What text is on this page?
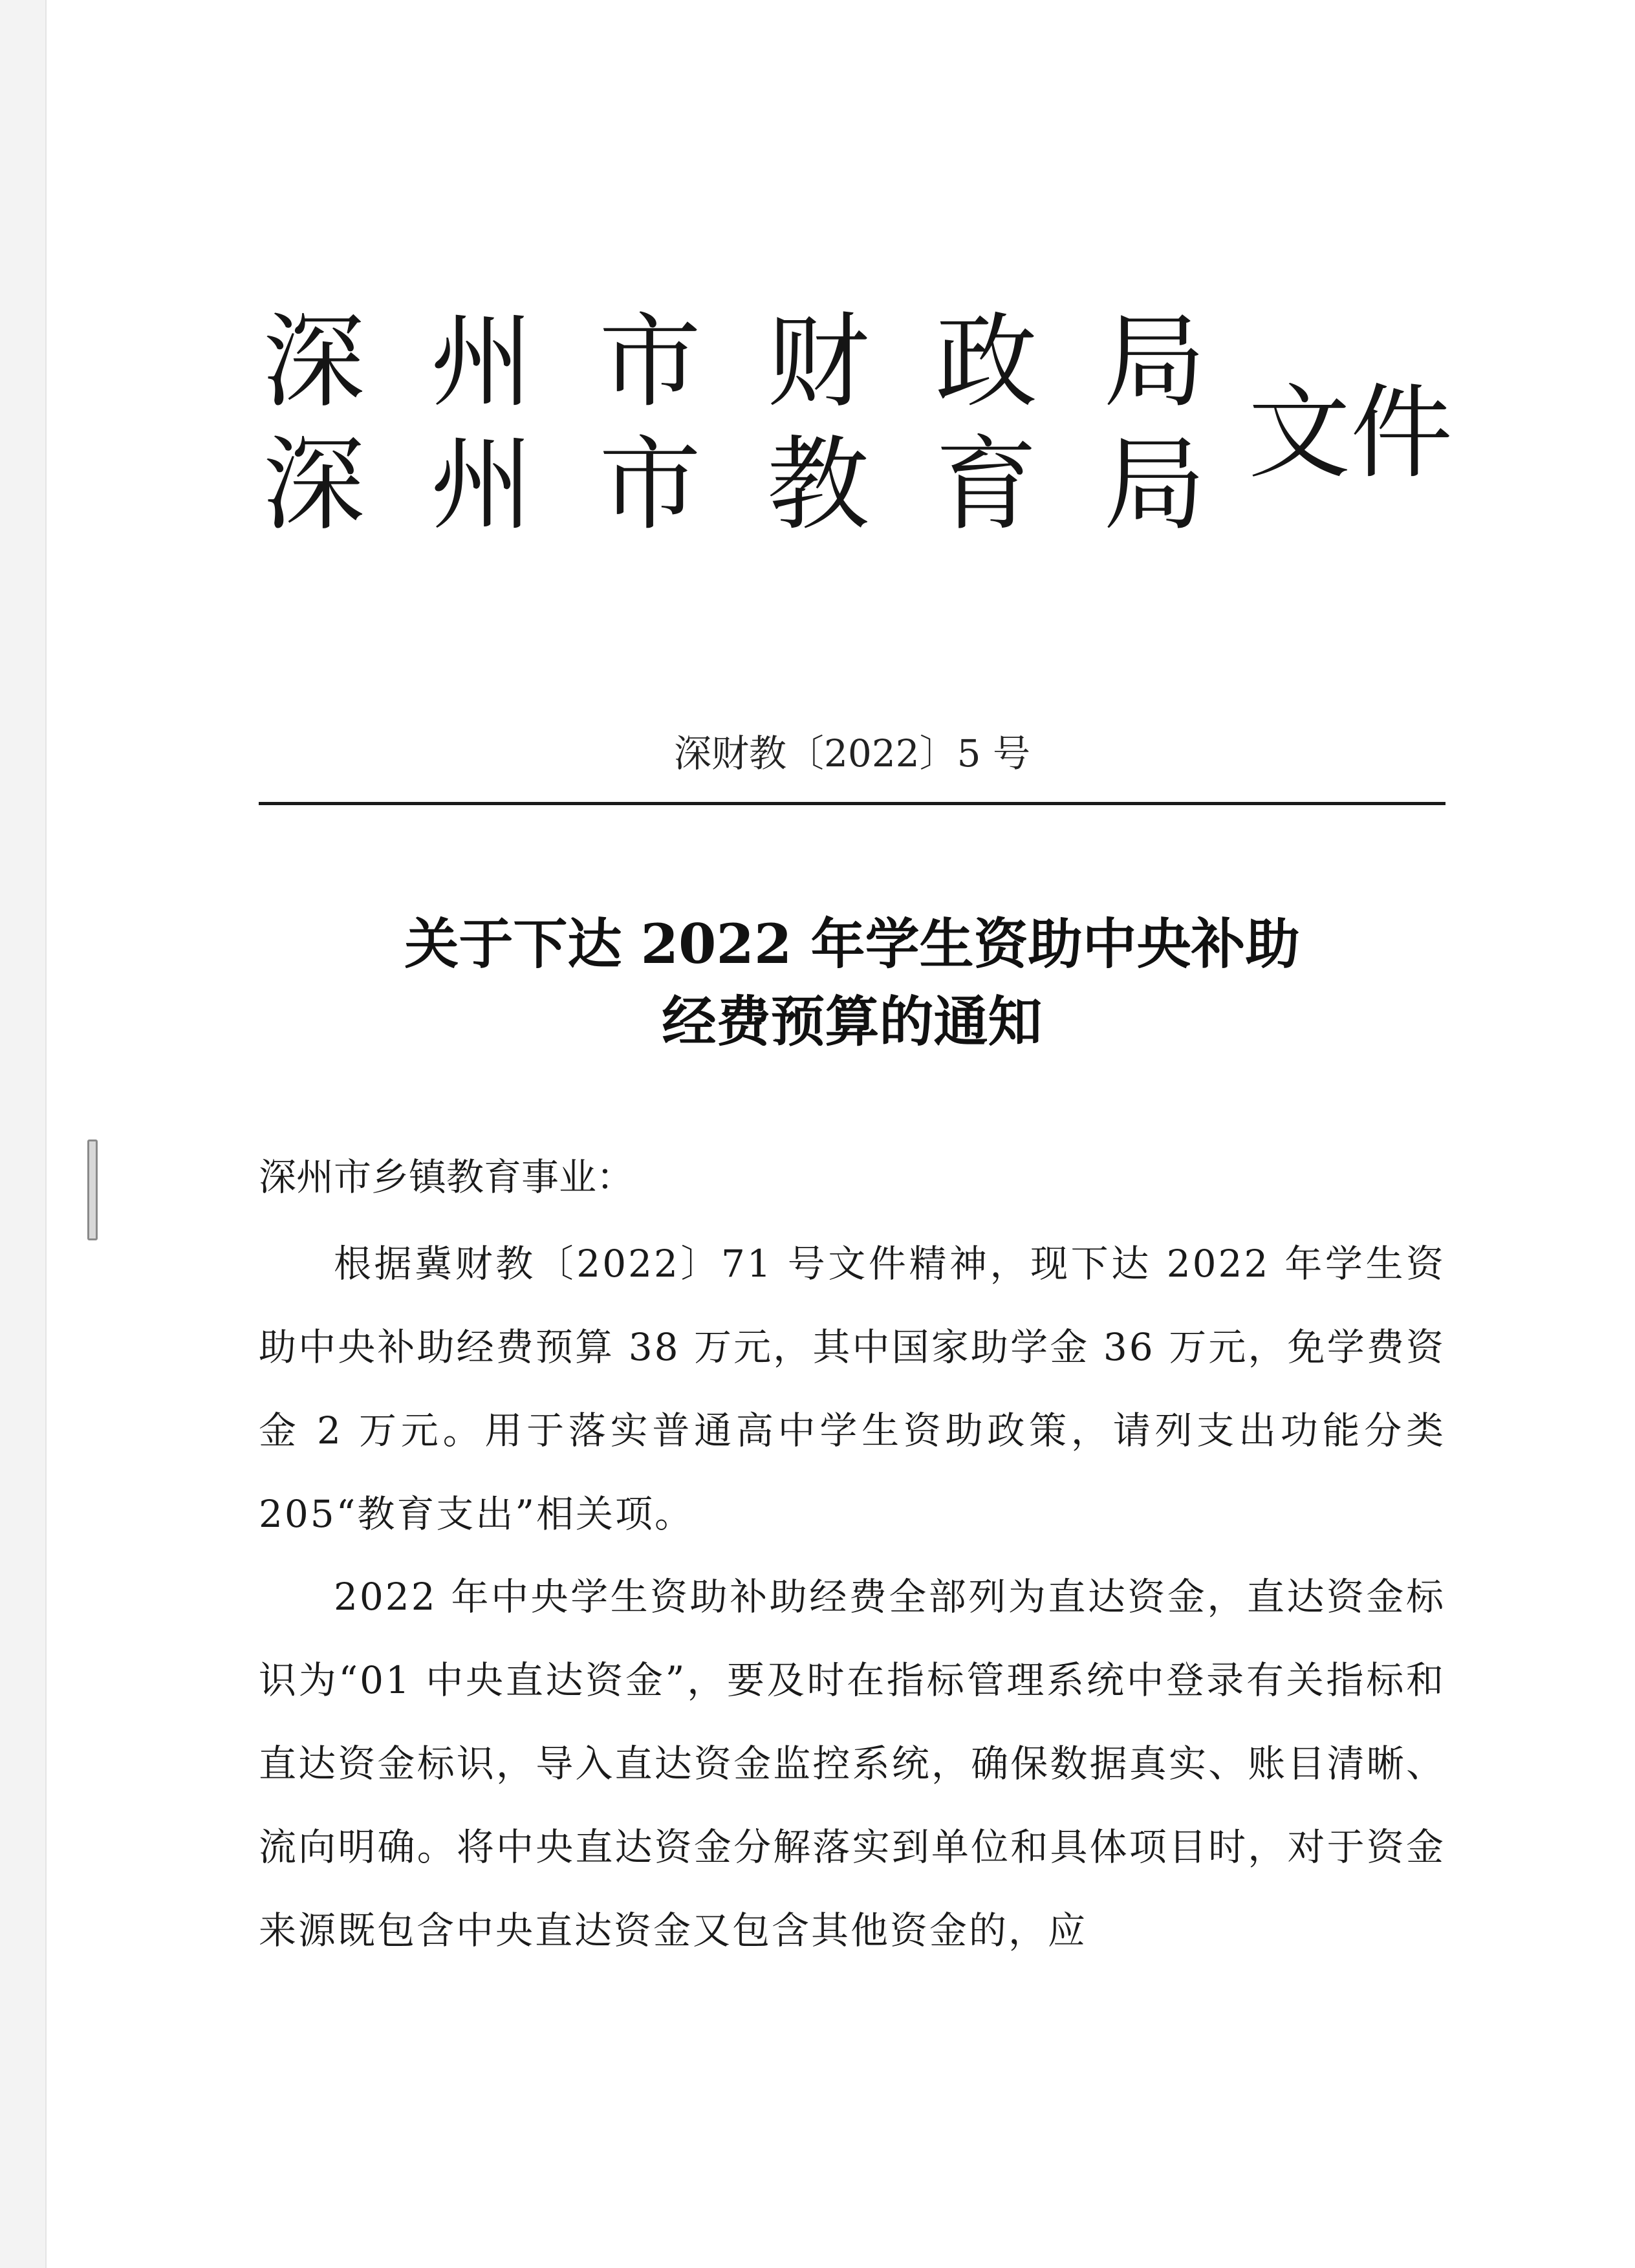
深 州 市 财 政 局
深 州 市 教 育 局 文件
深财教〔2022〕5 号
关于下达 2022 年学生资助中央补助
经费预算的通知
深州市乡镇教育事业：

根据冀财教〔2022〕71 号文件精神，现下达 2022 年学生资助中央补助经费预算 38 万元，其中国家助学金 36 万元，免学费资金 2 万元。用于落实普通高中学生资助政策，请列支出功能分类 205“教育支出”相关项。

2022 年中央学生资助补助经费全部列为直达资金，直达资金标识为“01 中央直达资金”，要及时在指标管理系统中登录有关指标和直达资金标识，导入直达资金监控系统，确保数据真实、账目清晰、流向明确。将中央直达资金分解落实到单位和具体项目时，对于资金来源既包含中央直达资金又包含其他资金的，应
